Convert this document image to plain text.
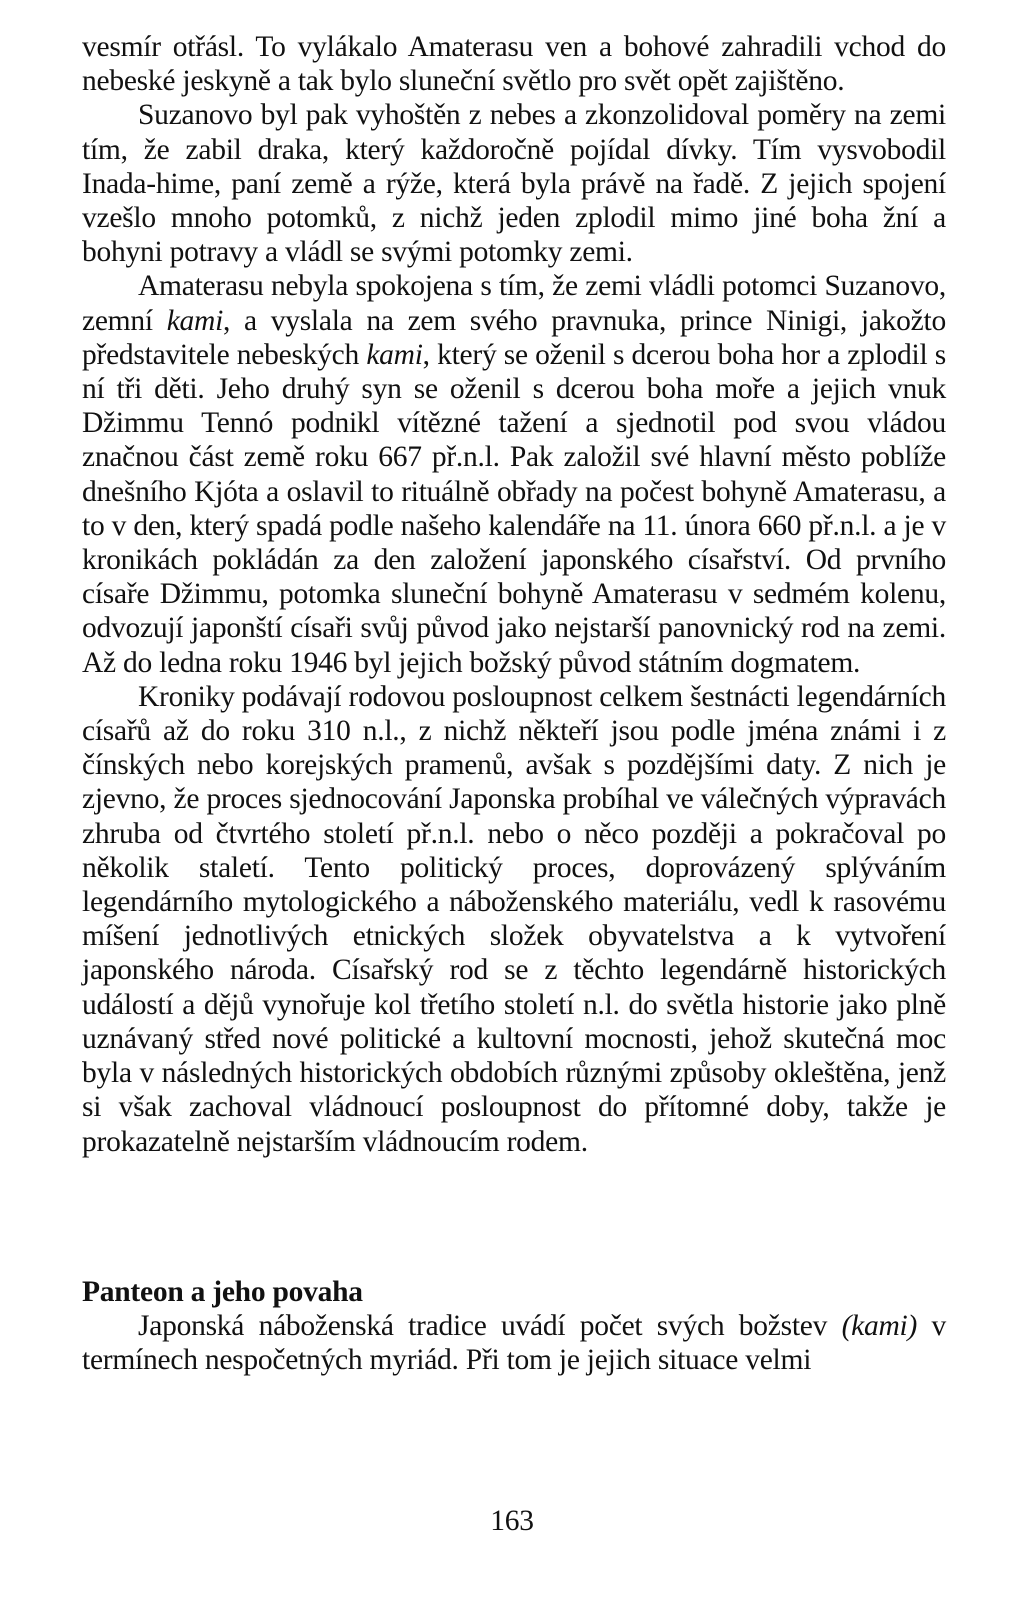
vesmír otřásl. To vylákalo Amaterasu ven a bohové zahradili vchod do nebeské jeskyně a tak bylo sluneční světlo pro svět opět zajištěno.

Suzanovo byl pak vyhoštěn z nebes a zkonzolidoval poměry na zemi tím, že zabil draka, který každoročně pojídal dívky. Tím vysvobodil Inada-hime, paní země a rýže, která byla právě na řadě. Z jejich spojení vzešlo mnoho potomků, z nichž jeden zplodil mimo jiné boha žní a bohyni potravy a vládl se svými potomky zemi.

Amaterasu nebyla spokojena s tím, že zemi vládli potomci Suzanovo, zemní kami, a vyslala na zem svého pravnuka, prince Ninigi, jakožto představitele nebeských kami, který se oženil s dcerou boha hor a zplodil s ní tři děti. Jeho druhý syn se oženil s dcerou boha moře a jejich vnuk Džimmu Tennó podnikl vítězné tažení a sjednotil pod svou vládou značnou část země roku 667 př.n.l. Pak založil své hlavní město poblíže dnešního Kjóta a oslavil to rituálně obřady na počest bohyně Amaterasu, a to v den, který spadá podle našeho kalendáře na 11. února 660 př.n.l. a je v kronikách pokládán za den založení japonského císařství. Od prvního císaře Džimmu, potomka sluneční bohyně Amaterasu v sedmém kolenu, odvozují japonští císaři svůj původ jako nejstarší panovnický rod na zemi. Až do ledna roku 1946 byl jejich božský původ státním dogmatem.

Kroniky podávají rodovou posloupnost celkem šestnácti legendárních císařů až do roku 310 n.l., z nichž někteří jsou podle jména známi i z čínských nebo korejských pramenů, avšak s pozdějšími daty. Z nich je zjevno, že proces sjednocování Japonska probíhal ve válečných výpravách zhruba od čtvrtého století př.n.l. nebo o něco později a pokračoval po několik staletí. Tento politický proces, doprovázený splýváním legendárního mytologického a náboženského materiálu, vedl k rasovému míšení jednotlivých etnických složek obyvatelstva a k vytvoření japonského národa. Císařský rod se z těchto legendárně historických událostí a dějů vynořuje kol třetího století n.l. do světla historie jako plně uznávaný střed nové politické a kultovní mocnosti, jehož skutečná moc byla v následných historických obdobích různými způsoby okleštěna, jenž si však zachoval vládnoucí posloupnost do přítomné doby, takže je prokazatelně nejstarším vládnoucím rodem.

Panteon a jeho povaha

Japonská náboženská tradice uvádí počet svých božstev (kami) v termínech nespočetných myriád. Při tom je jejich situace velmi

163
